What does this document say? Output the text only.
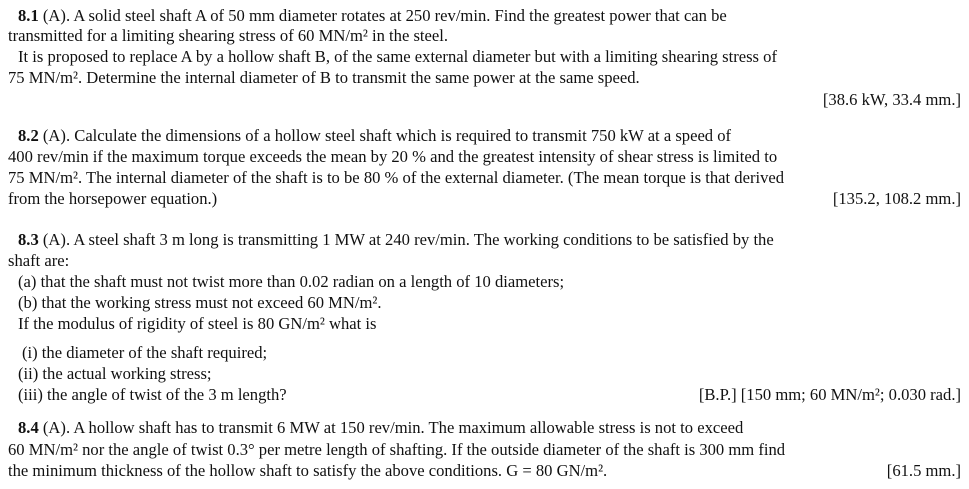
8.1 (A). A solid steel shaft A of 50 mm diameter rotates at 250 rev/min. Find the greatest power that can be
transmitted for a limiting shearing stress of 60 MN/m² in the steel.
It is proposed to replace A by a hollow shaft B, of the same external diameter but with a limiting shearing stress of
75 MN/m². Determine the internal diameter of B to transmit the same power at the same speed.
[38.6 kW, 33.4 mm.]
8.2 (A). Calculate the dimensions of a hollow steel shaft which is required to transmit 750 kW at a speed of
400 rev/min if the maximum torque exceeds the mean by 20 % and the greatest intensity of shear stress is limited to
75 MN/m². The internal diameter of the shaft is to be 80 % of the external diameter. (The mean torque is that derived
from the horsepower equation.)	[135.2, 108.2 mm.]
8.3 (A). A steel shaft 3 m long is transmitting 1 MW at 240 rev/min. The working conditions to be satisfied by the
shaft are:
(a) that the shaft must not twist more than 0.02 radian on a length of 10 diameters;
(b) that the working stress must not exceed 60 MN/m².
If the modulus of rigidity of steel is 80 GN/m² what is
(i) the diameter of the shaft required;
(ii) the actual working stress;
(iii) the angle of twist of the 3 m length?	[B.P.] [150 mm; 60 MN/m²; 0.030 rad.]
8.4 (A). A hollow shaft has to transmit 6 MW at 150 rev/min. The maximum allowable stress is not to exceed
60 MN/m² nor the angle of twist 0.3° per metre length of shafting. If the outside diameter of the shaft is 300 mm find
the minimum thickness of the hollow shaft to satisfy the above conditions. G = 80 GN/m².	[61.5 mm.]
